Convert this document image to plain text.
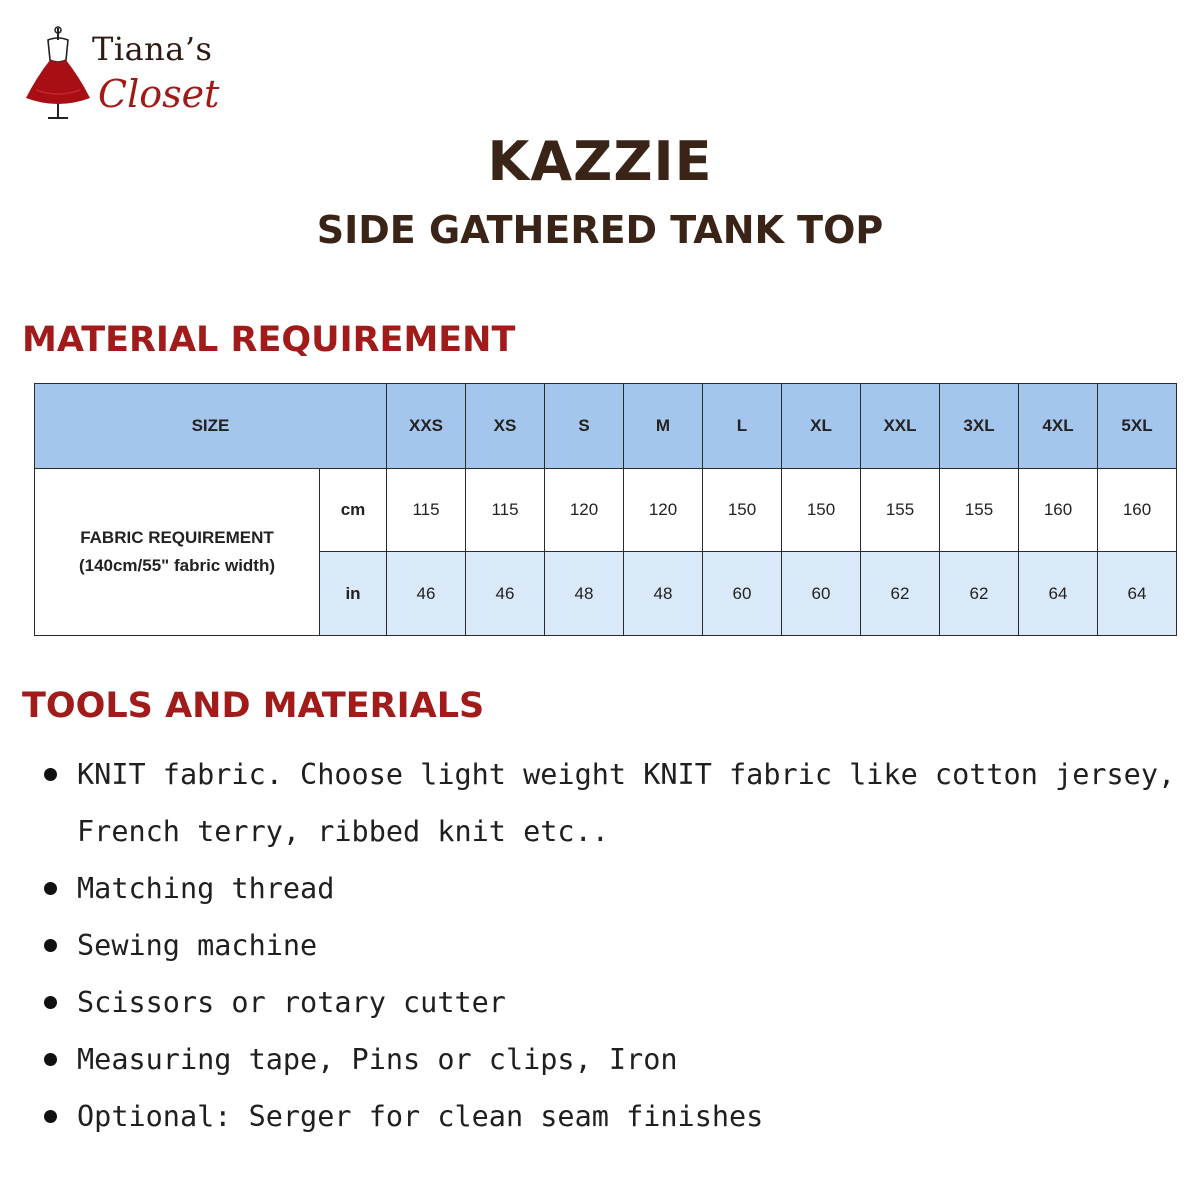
Tiana’s
Closet
KAZZIE
SIDE GATHERED TANK TOP
MATERIAL REQUIREMENT
SIZE		XXS	XS	S	M	L	XL	XXL	3XL	4XL	5XL

FABRIC REQUIREMENT
(140cm/55" fabric width)	cm	115	115	120	120	150	150	155	155	160	160
	in	46	46	48	48	60	60	62	62	64	64
TOOLS AND MATERIALS
KNIT fabric. Choose light weight KNIT fabric like cotton jersey, French terry, ribbed knit etc..
Matching thread
Sewing machine
Scissors or rotary cutter
Measuring tape, Pins or clips, Iron
Optional: Serger for clean seam finishes
